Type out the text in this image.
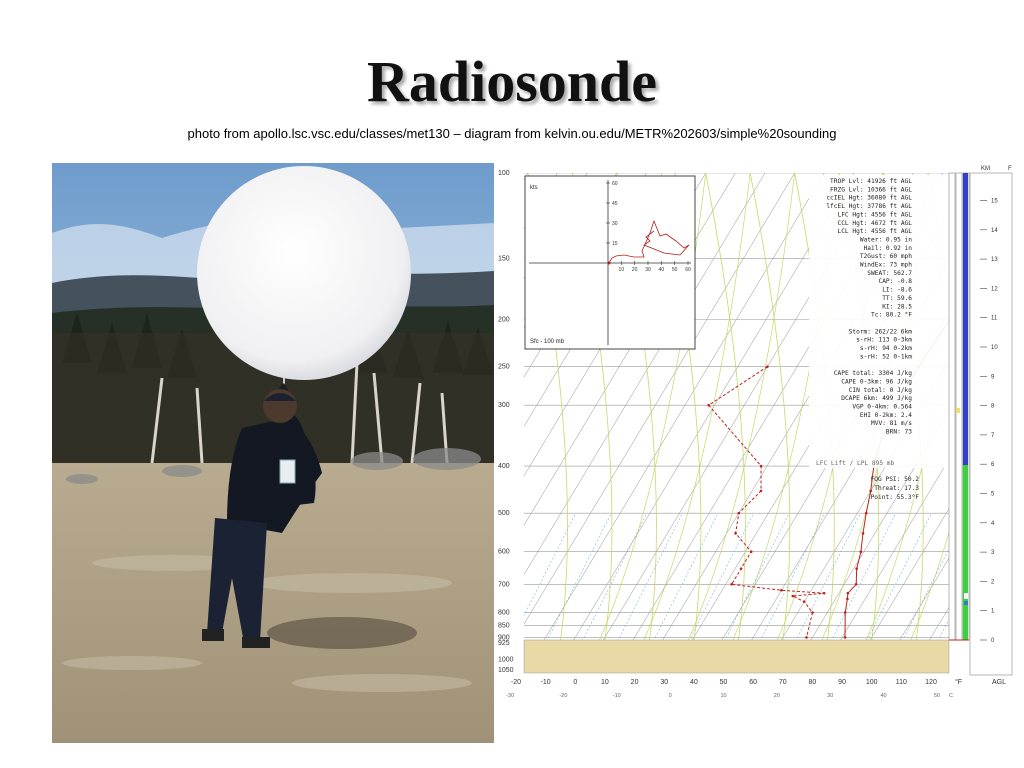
Radiosonde
photo from apollo.lsc.vsc.edu/classes/met130 – diagram from kelvin.ou.edu/METR%202603/simple%20sounding
100
150
200
250
300
400
500
600
700
800
850
900
925
1000
1050
-20	-10	0	10	20	30	40	50	60	70	80	90	100	110	120
-30	-20	-10	0	10	20	30	40	50
kts
Sfc - 100 mb
10 20 30 40 50 60
60
45
30
15
TROP Lvl: 41926 ft AGL
FRZG Lvl: 10366 ft AGL
ccIEL Hgt: 36080 ft AGL
lfcEL Hgt: 37786 ft AGL
LFC Hgt: 4556 ft AGL
CCL Hgt: 4672 ft AGL
LCL Hgt: 4556 ft AGL
Water: 0.95 in
Hail: 0.92 in
T2Gust: 60 mph
WindEx: 73 mph
SWEAT: 562.7
CAP: -0.8
LI: -8.6
TT: 59.6
KI: 28.5
Tc: 80.2 °F
Storm: 262/22 6km
s-rH: 113 0-3km
s-rH: 94 0-2km
s-rH: 52 0-1km
CAPE total: 3304 J/kg
CAPE 0-3km: 96 J/kg
CIN total: 0 J/kg
DCAPE 6km: 499 J/kg
VGP 0-4km: 0.564
EHI 0-2km: 2.4
MVV: 81 m/s
BRN: 73
LFC Lift / LPL 895 mb
FOG PSI: 50.2
Threat: 17.3
Point: 55.3°F
KM	F
15
14
13
12
11
10
9
8
7
6
5
4
3
2
1
0
AGL
°F
C
